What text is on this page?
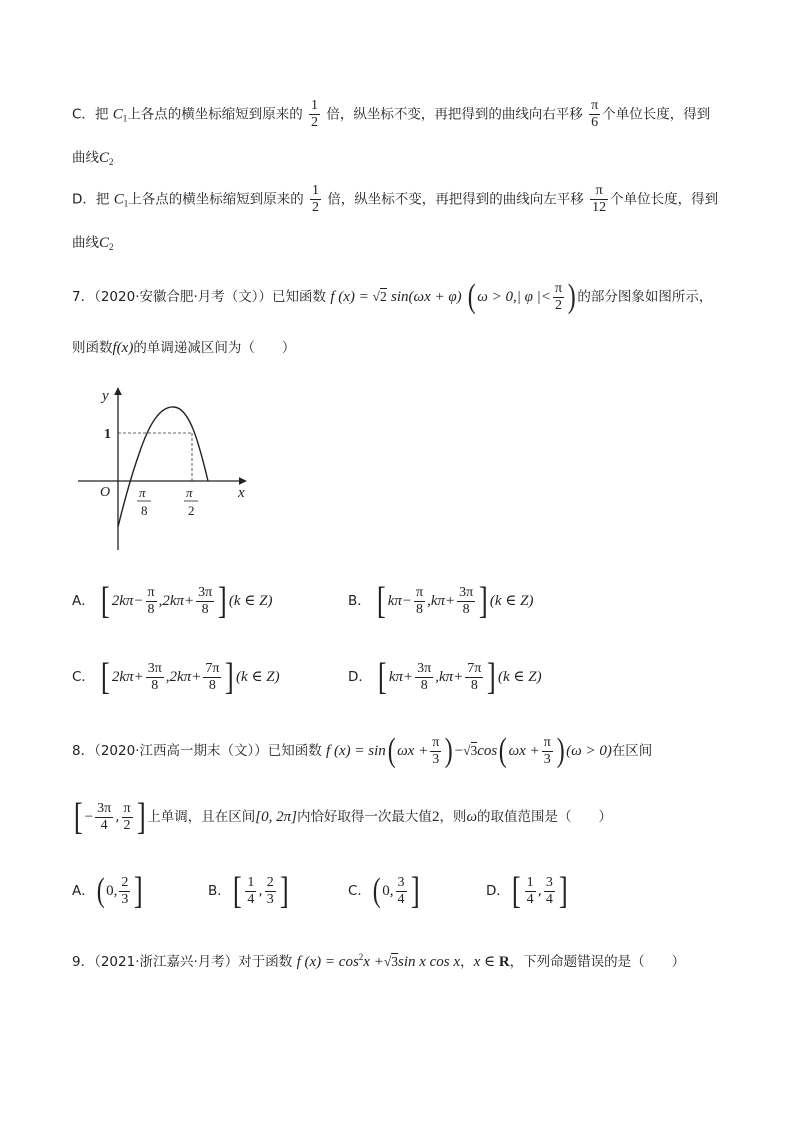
C．把 $C_1$上各点的横坐标缩短到原来的 $\frac{1}{2}$ 倍，纵坐标不变，再把得到的曲线向右平移 $\frac{\pi}{6}$ 个单位长度，得到
曲线$C_2$
D．把 $C_1$上各点的横坐标缩短到原来的 $\frac{1}{2}$ 倍，纵坐标不变，再把得到的曲线向左平移 $\frac{\pi}{12}$ 个单位长度，得到
曲线$C_2$
7．（2020·安徽合肥·月考（文））已知函数 f (x) = √2 sin(ωx + φ) ( ω > 0,| φ |< $\frac{\pi}{2}$ ) 的部分图象如图所示，
则函数f(x)的单调递减区间为（　　）
y
x
O
1
π
8
π
2
A． [ $2k\pi- \frac{\pi}{8} ,2k\pi+ \frac{3\pi}{8}$ ] (k ∈ Z)	B． [ $k\pi- \frac{\pi}{8} ,k\pi+ \frac{3\pi}{8}$ ] (k ∈ Z)
C． [ $2k\pi+ \frac{3\pi}{8} ,2k\pi+ \frac{7\pi}{8}$ ] (k ∈ Z)	D． [ $k\pi+ \frac{3\pi}{8} ,k\pi+ \frac{7\pi}{8}$ ] (k ∈ Z)
8．（2020·江西高一期末（文））已知函数 f (x) = sin( $\omega x + \frac{\pi}{3}$ ) −√3cos( $\omega x + \frac{\pi}{3}$ ) (ω > 0)在区间
[ − $\frac{3\pi}{4}$ , $\frac{\pi}{2}$ ] 上单调，且在区间[0, 2π]内恰好取得一次最大值2，则ω的取值范围是（　　）
A．( 0, $\frac{2}{3}$ ]	B．[ $\frac{1}{4}$ , $\frac{2}{3}$ ]	C．( 0, $\frac{3}{4}$ ]	D．[ $\frac{1}{4}$ , $\frac{3}{4}$ ]
9．（2021·浙江嘉兴·月考）对于函数 f $(x) = \cos^2x +√3\sin$ x cos x，x ∈ R，下列命题错误的是（　　）
